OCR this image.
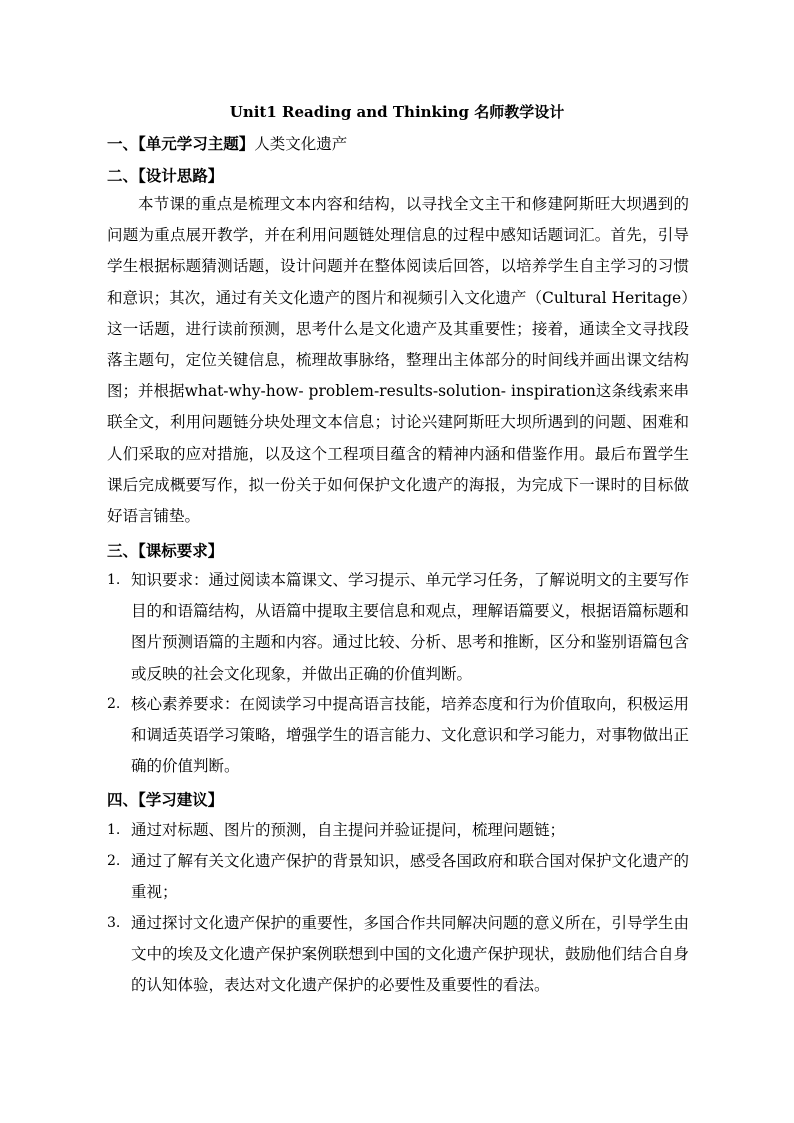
Unit1 Reading and Thinking 名师教学设计
一、【单元学习主题】人类文化遗产
二、【设计思路】

本节课的重点是梳理文本内容和结构，以寻找全文主干和修建阿斯旺大坝遇到的问题为重点展开教学，并在利用问题链处理信息的过程中感知话题词汇。首先，引导学生根据标题猜测话题，设计问题并在整体阅读后回答，以培养学生自主学习的习惯和意识；其次，通过有关文化遗产的图片和视频引入文化遗产（Cultural Heritage）这一话题，进行读前预测，思考什么是文化遗产及其重要性；接着，通读全文寻找段落主题句，定位关键信息，梳理故事脉络，整理出主体部分的时间线并画出课文结构图；并根据what-why-how- problem-results-solution- inspiration这条线索来串联全文，利用问题链分块处理文本信息；讨论兴建阿斯旺大坝所遇到的问题、困难和人们采取的应对措施，以及这个工程项目蕴含的精神内涵和借鉴作用。最后布置学生课后完成概要写作，拟一份关于如何保护文化遗产的海报，为完成下一课时的目标做好语言铺垫。

三、【课标要求】
1. 知识要求：通过阅读本篇课文、学习提示、单元学习任务，了解说明文的主要写作目的和语篇结构，从语篇中提取主要信息和观点，理解语篇要义，根据语篇标题和图片预测语篇的主题和内容。通过比较、分析、思考和推断，区分和鉴别语篇包含或反映的社会文化现象，并做出正确的价值判断。
2. 核心素养要求：在阅读学习中提高语言技能，培养态度和行为价值取向，积极运用和调适英语学习策略，增强学生的语言能力、文化意识和学习能力，对事物做出正确的价值判断。
四、【学习建议】
1. 通过对标题、图片的预测，自主提问并验证提问，梳理问题链；
2. 通过了解有关文化遗产保护的背景知识，感受各国政府和联合国对保护文化遗产的重视；
3. 通过探讨文化遗产保护的重要性，多国合作共同解决问题的意义所在，引导学生由文中的埃及文化遗产保护案例联想到中国的文化遗产保护现状，鼓励他们结合自身的认知体验，表达对文化遗产保护的必要性及重要性的看法。
